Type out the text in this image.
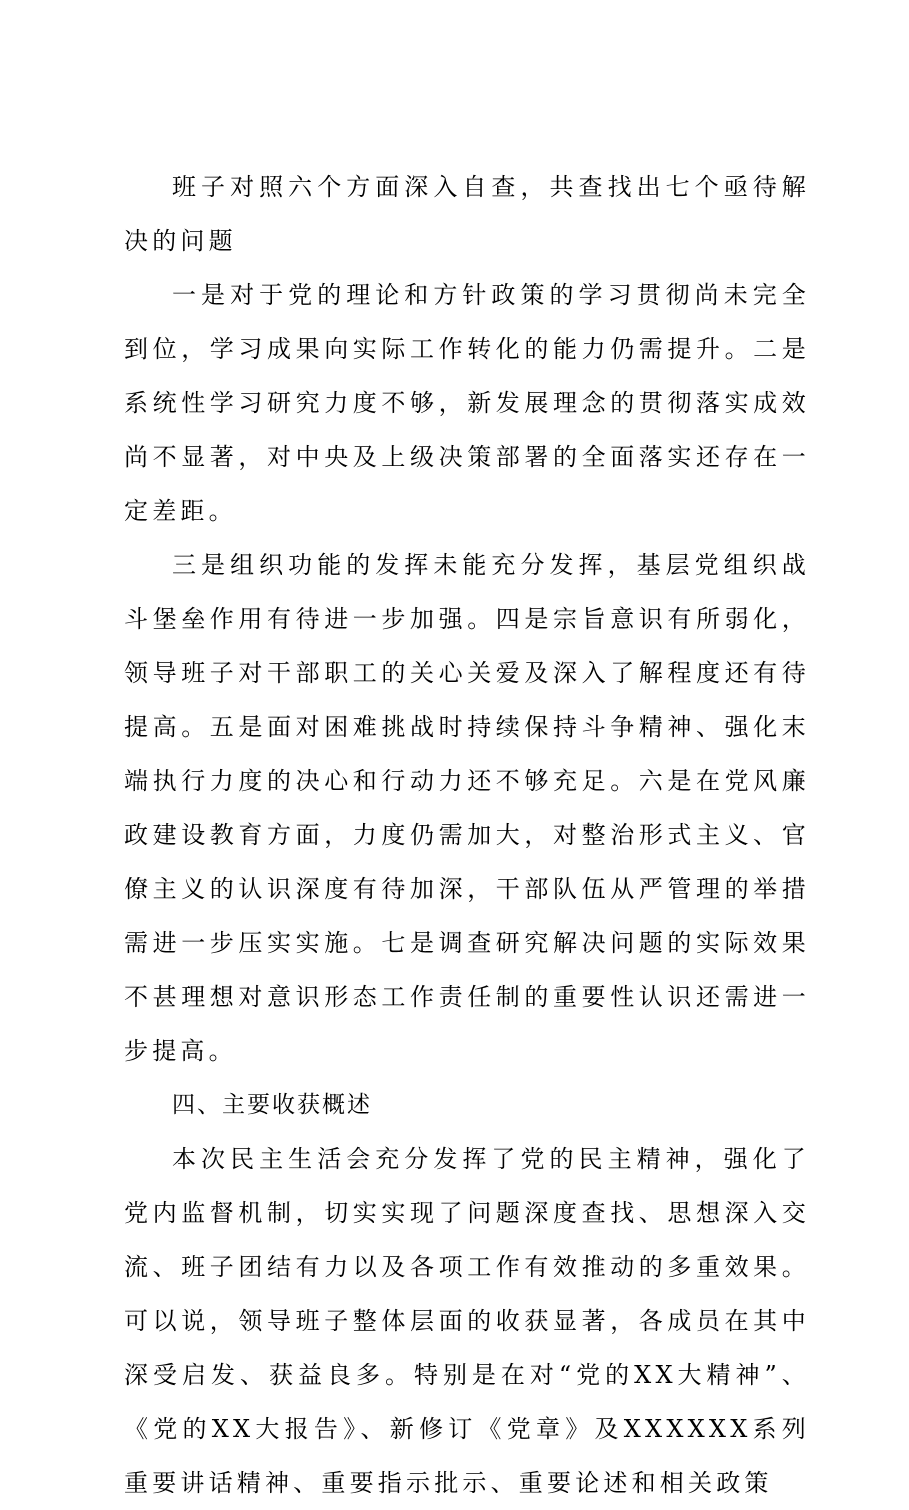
班子对照六个方面深入自查，共查找出七个亟待解决的问题

一是对于党的理论和方针政策的学习贯彻尚未完全到位，学习成果向实际工作转化的能力仍需提升。二是系统性学习研究力度不够，新发展理念的贯彻落实成效尚不显著，对中央及上级决策部署的全面落实还存在一定差距。

三是组织功能的发挥未能充分发挥，基层党组织战斗堡垒作用有待进一步加强。四是宗旨意识有所弱化，领导班子对干部职工的关心关爱及深入了解程度还有待提高。五是面对困难挑战时持续保持斗争精神、强化末端执行力度的决心和行动力还不够充足。六是在党风廉政建设教育方面，力度仍需加大，对整治形式主义、官僚主义的认识深度有待加深，干部队伍从严管理的举措需进一步压实实施。七是调查研究解决问题的实际效果不甚理想对意识形态工作责任制的重要性认识还需进一步提高。

四、主要收获概述

本次民主生活会充分发挥了党的民主精神，强化了党内监督机制，切实实现了问题深度查找、思想深入交流、班子团结有力以及各项工作有效推动的多重效果。可以说，领导班子整体层面的收获显著，各成员在其中深受启发、获益良多。特别是在对“党的XX大精神”、《党的XX大报告》、新修订《党章》及XXXXXX系列重要讲话精神、重要指示批示、重要论述和相关政策
